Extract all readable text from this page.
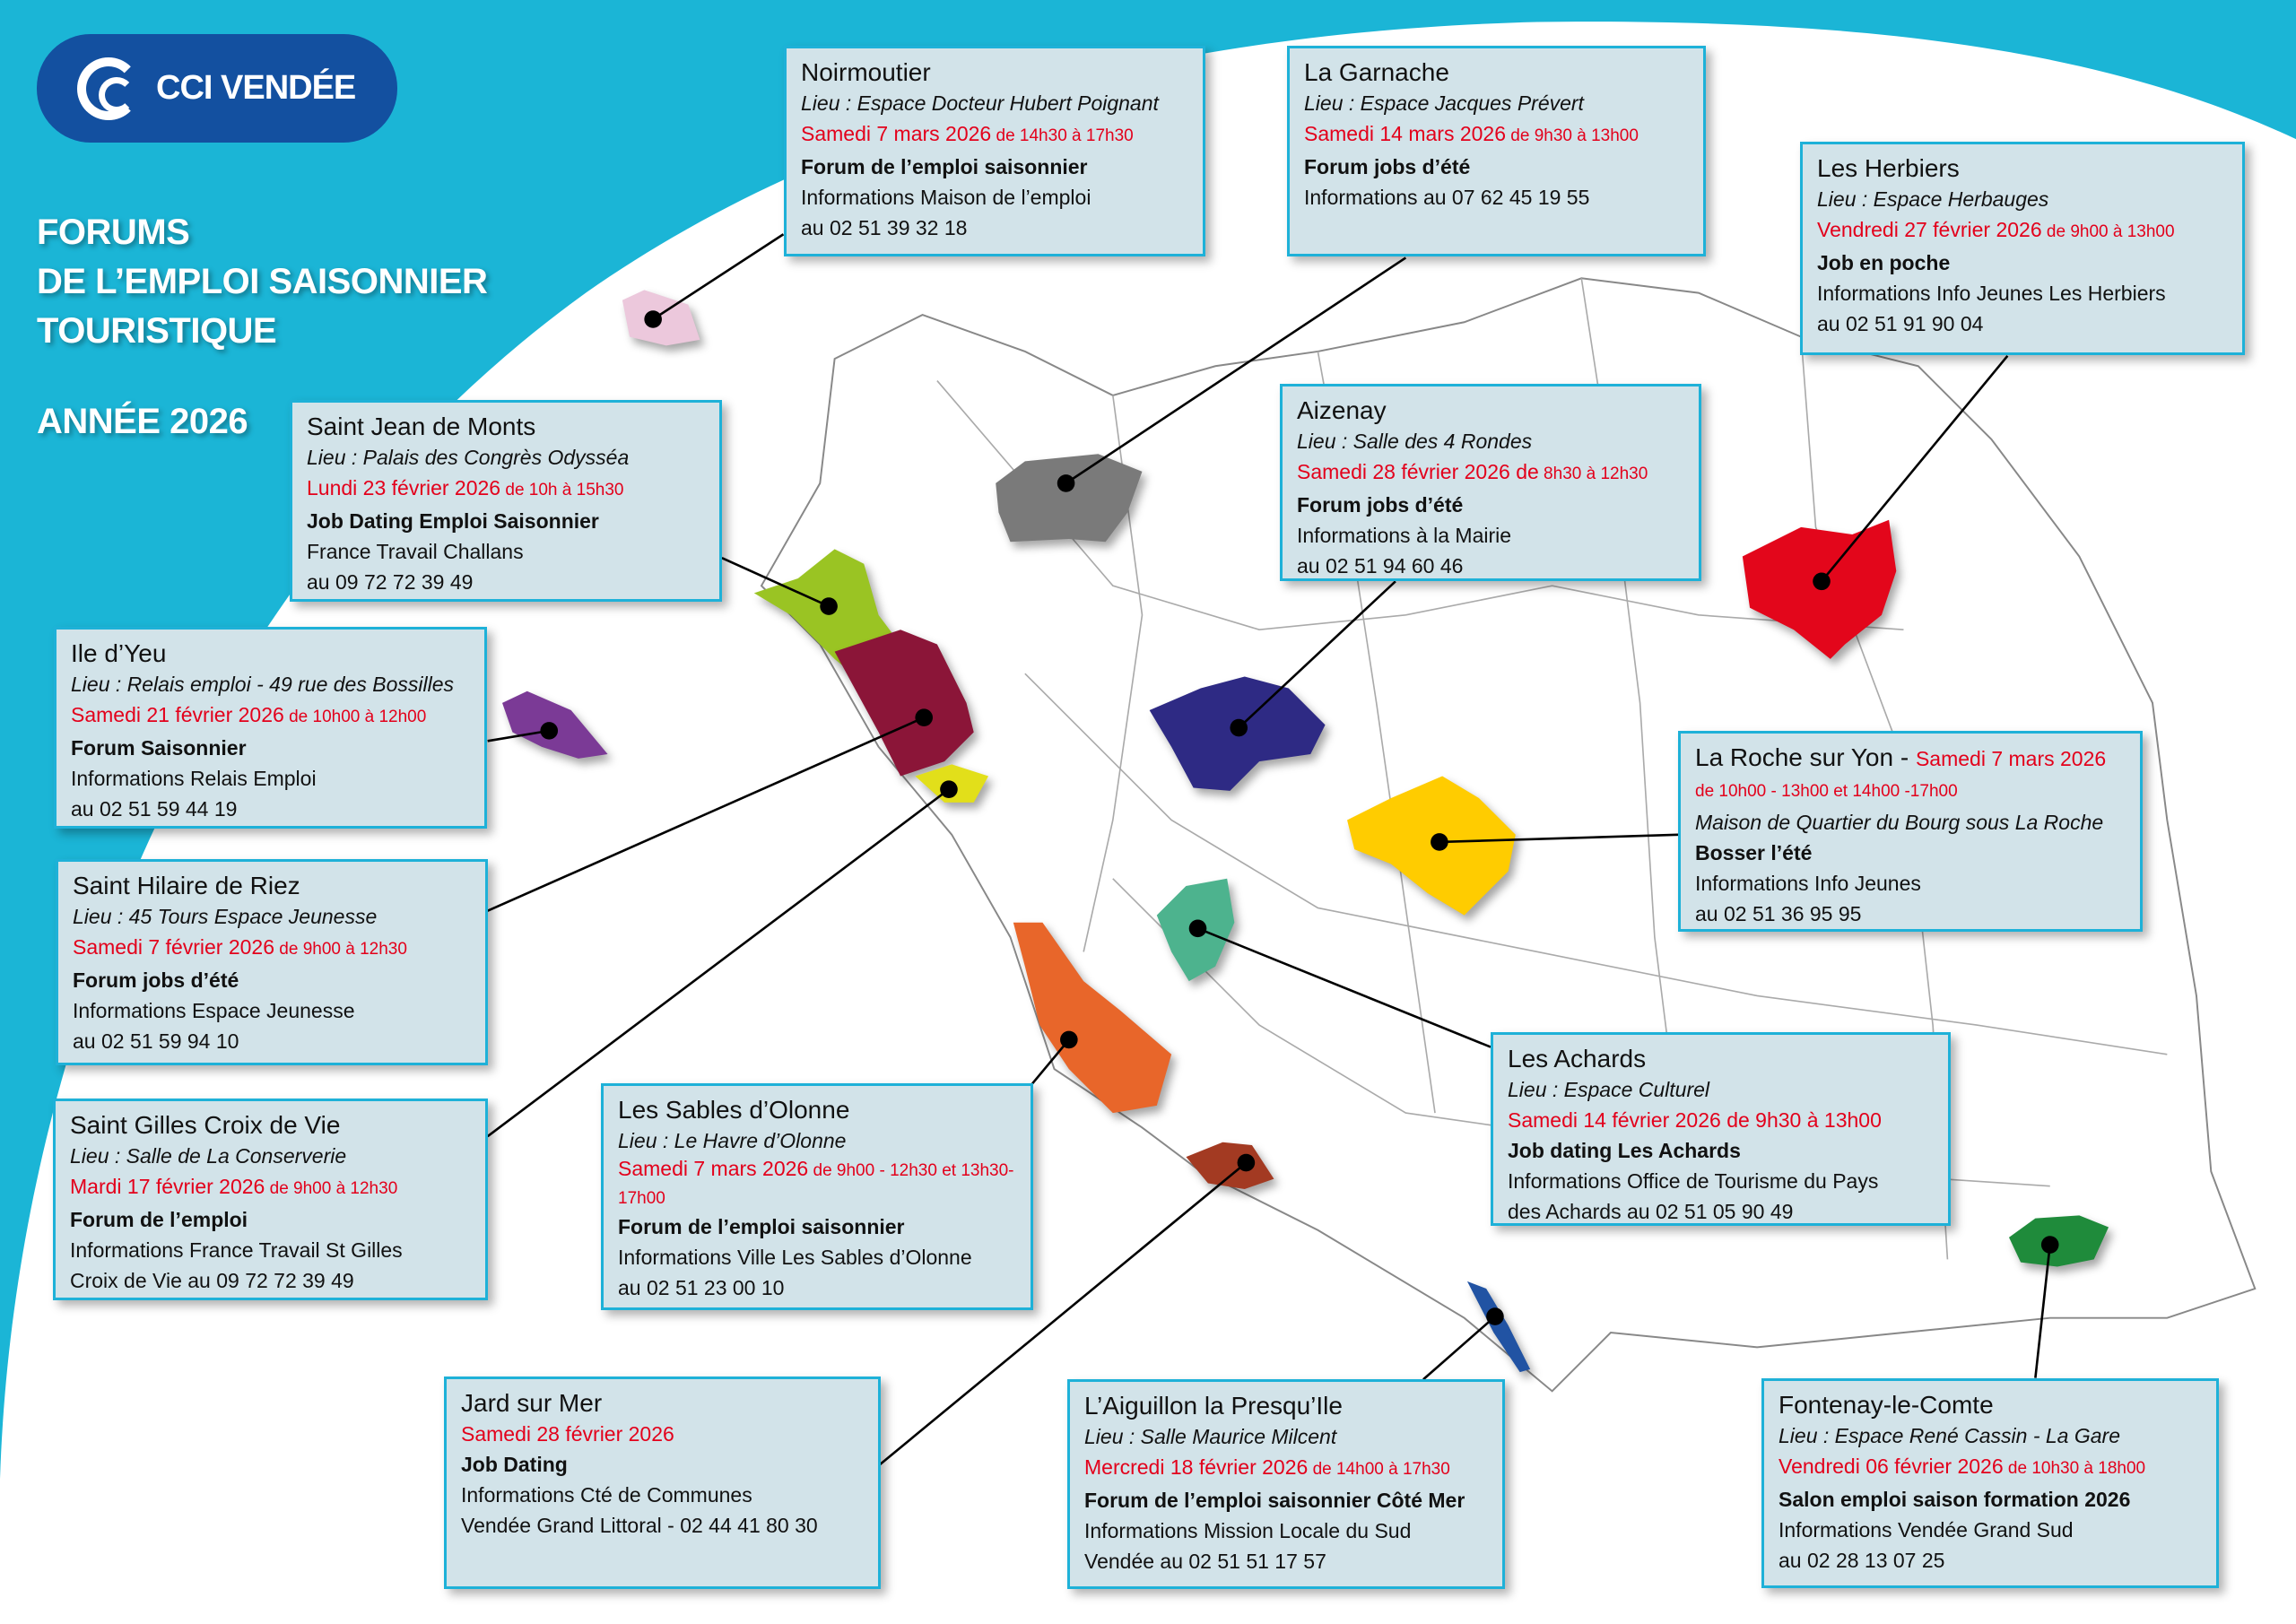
CCI VENDÉE
FORUMS
DE L’EMPLOI SAISONNIER
TOURISTIQUE
ANNÉE 2026
Noirmoutier
Lieu : Espace Docteur Hubert Poignant
Samedi 7 mars 2026 de 14h30 à 17h30
Forum de l’emploi saisonnier
Informations Maison de l’emploi
au 02 51 39 32 18
La Garnache
Lieu : Espace Jacques Prévert
Samedi 14 mars 2026 de 9h30 à 13h00
Forum jobs d’été
Informations au 07 62 45 19 55
Les Herbiers
Lieu : Espace Herbauges
Vendredi 27 février 2026 de 9h00 à 13h00
Job en poche
Informations Info Jeunes Les Herbiers
au 02 51 91 90 04
Saint Jean de Monts
Lieu : Palais des Congrès Odysséa
Lundi 23 février 2026 de 10h à 15h30
Job Dating Emploi Saisonnier
France Travail Challans
au 09 72 72 39 49
Aizenay
Lieu : Salle des 4 Rondes
Samedi 28 février 2026 de 8h30 à 12h30
Forum jobs d’été
Informations à la Mairie
au 02 51 94 60 46
Ile d’Yeu
Lieu : Relais emploi - 49 rue des Bossilles
Samedi 21 février 2026 de 10h00 à 12h00
Forum Saisonnier
Informations Relais Emploi
au 02 51 59 44 19
La Roche sur Yon - Samedi 7 mars 2026
de 10h00 - 13h00 et 14h00 -17h00
Maison de Quartier du Bourg sous La Roche
Bosser l’été
Informations Info Jeunes
au 02 51 36 95 95
Saint Hilaire de Riez
Lieu : 45 Tours Espace Jeunesse
Samedi 7 février 2026 de 9h00 à 12h30
Forum jobs d’été
Informations Espace Jeunesse
au 02 51 59 94 10
Les Achards
Lieu : Espace Culturel
Samedi 14 février 2026 de 9h30 à 13h00
Job dating Les Achards
Informations Office de Tourisme du Pays
des Achards au 02 51 05 90 49
Les Sables d’Olonne
Lieu : Le Havre d’Olonne
Samedi 7 mars 2026 de 9h00 - 12h30 et 13h30-17h00
Forum de l’emploi saisonnier
Informations Ville Les Sables d’Olonne
au 02 51 23 00 10
Saint Gilles Croix de Vie
Lieu : Salle de La Conserverie
Mardi 17 février 2026 de 9h00 à 12h30
Forum de l’emploi
Informations France Travail St Gilles
Croix de Vie au 09 72 72 39 49
Jard sur Mer
Samedi 28 février 2026
Job Dating
Informations Cté de Communes
Vendée Grand Littoral - 02 44 41 80 30
L’Aiguillon la Presqu’Ile
Lieu : Salle Maurice Milcent
Mercredi 18 février 2026 de 14h00 à 17h30
Forum de l’emploi saisonnier Côté Mer
Informations Mission Locale du Sud
Vendée au 02 51 51 17 57
Fontenay-le-Comte
Lieu : Espace René Cassin - La Gare
Vendredi 06 février 2026 de 10h30 à 18h00
Salon emploi saison formation 2026
Informations Vendée Grand Sud
au 02 28 13 07 25
